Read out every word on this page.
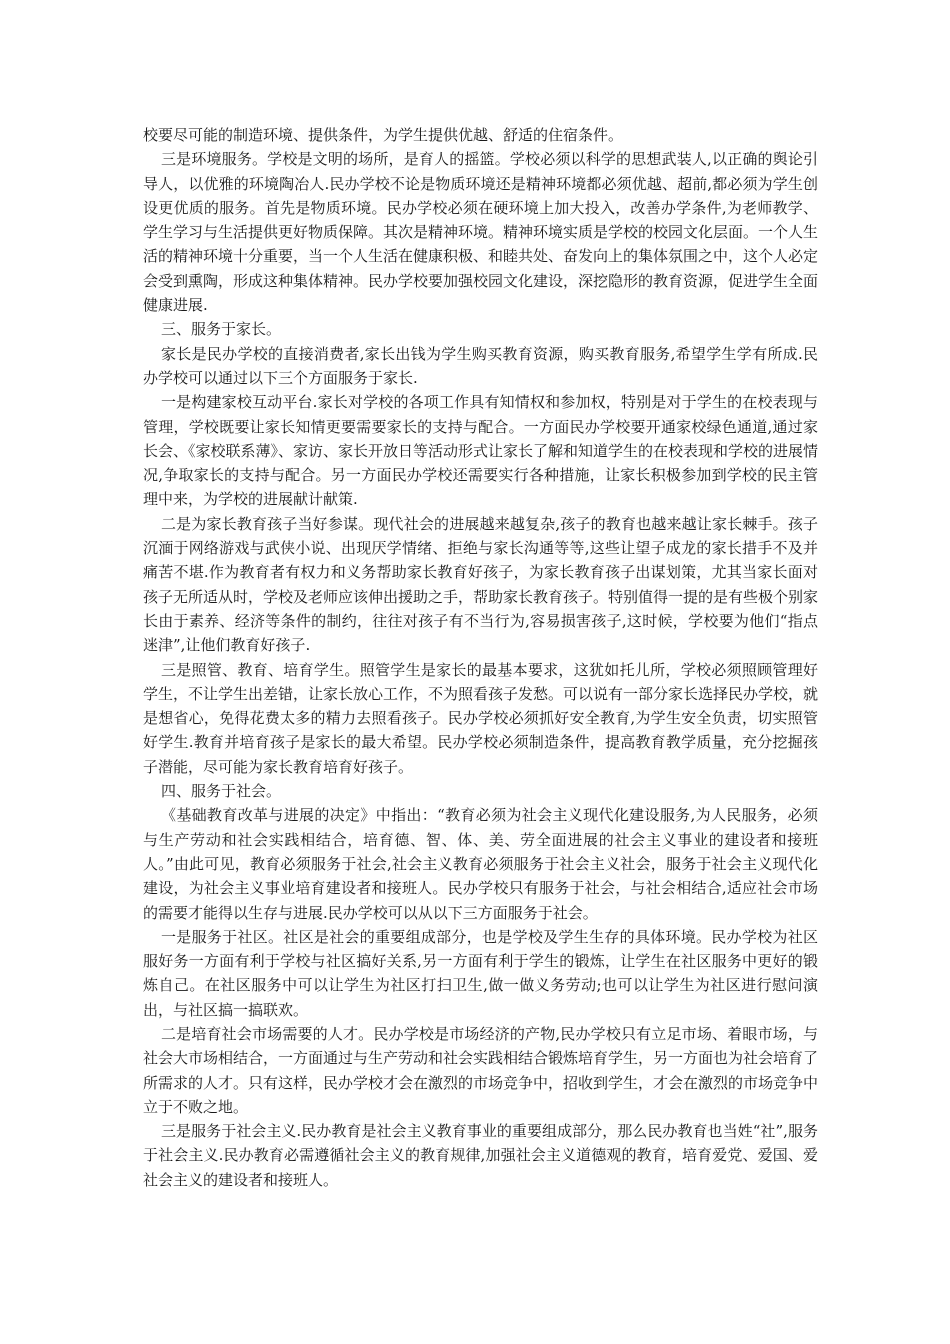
校要尽可能的制造环境、提供条件，为学生提供优越、舒适的住宿条件。

三是环境服务。学校是文明的场所，是育人的摇篮。学校必须以科学的思想武装人,以正确的舆论引导人，以优雅的环境陶冶人.民办学校不论是物质环境还是精神环境都必须优越、超前,都必须为学生创设更优质的服务。首先是物质环境。民办学校必须在硬环境上加大投入，改善办学条件,为老师教学、学生学习与生活提供更好物质保障。其次是精神环境。精神环境实质是学校的校园文化层面。一个人生活的精神环境十分重要，当一个人生活在健康积极、和睦共处、奋发向上的集体氛围之中，这个人必定会受到熏陶，形成这种集体精神。民办学校要加强校园文化建设，深挖隐形的教育资源，促进学生全面健康进展.

三、服务于家长。

家长是民办学校的直接消费者,家长出钱为学生购买教育资源，购买教育服务,希望学生学有所成.民办学校可以通过以下三个方面服务于家长.

一是构建家校互动平台.家长对学校的各项工作具有知情权和参加权，特别是对于学生的在校表现与管理，学校既要让家长知情更要需要家长的支持与配合。一方面民办学校要开通家校绿色通道,通过家长会、《家校联系薄》、家访、家长开放日等活动形式让家长了解和知道学生的在校表现和学校的进展情况,争取家长的支持与配合。另一方面民办学校还需要实行各种措施，让家长积极参加到学校的民主管理中来，为学校的进展献计献策.

二是为家长教育孩子当好参谋。现代社会的进展越来越复杂,孩子的教育也越来越让家长棘手。孩子沉湎于网络游戏与武侠小说、出现厌学情绪、拒绝与家长沟通等等,这些让望子成龙的家长措手不及并痛苦不堪.作为教育者有权力和义务帮助家长教育好孩子，为家长教育孩子出谋划策，尤其当家长面对孩子无所适从时，学校及老师应该伸出援助之手，帮助家长教育孩子。特别值得一提的是有些极个别家长由于素养、经济等条件的制约，往往对孩子有不当行为,容易损害孩子,这时候，学校要为他们“指点迷津”,让他们教育好孩子.

三是照管、教育、培育学生。照管学生是家长的最基本要求，这犹如托儿所，学校必须照顾管理好学生，不让学生出差错，让家长放心工作，不为照看孩子发愁。可以说有一部分家长选择民办学校，就是想省心，免得花费太多的精力去照看孩子。民办学校必须抓好安全教育,为学生安全负责，切实照管好学生.教育并培育孩子是家长的最大希望。民办学校必须制造条件，提高教育教学质量，充分挖掘孩子潜能，尽可能为家长教育培育好孩子。

四、服务于社会。

《基础教育改革与进展的决定》中指出：“教育必须为社会主义现代化建设服务,为人民服务，必须与生产劳动和社会实践相结合，培育德、智、体、美、劳全面进展的社会主义事业的建设者和接班人。”由此可见，教育必须服务于社会,社会主义教育必须服务于社会主义社会，服务于社会主义现代化建设，为社会主义事业培育建设者和接班人。民办学校只有服务于社会，与社会相结合,适应社会市场的需要才能得以生存与进展.民办学校可以从以下三方面服务于社会。

一是服务于社区。社区是社会的重要组成部分，也是学校及学生生存的具体环境。民办学校为社区服好务一方面有利于学校与社区搞好关系,另一方面有利于学生的锻炼，让学生在社区服务中更好的锻炼自己。在社区服务中可以让学生为社区打扫卫生,做一做义务劳动;也可以让学生为社区进行慰问演出，与社区搞一搞联欢。

二是培育社会市场需要的人才。民办学校是市场经济的产物,民办学校只有立足市场、着眼市场，与社会大市场相结合，一方面通过与生产劳动和社会实践相结合锻炼培育学生，另一方面也为社会培育了所需求的人才。只有这样，民办学校才会在激烈的市场竞争中，招收到学生，才会在激烈的市场竞争中立于不败之地。

三是服务于社会主义.民办教育是社会主义教育事业的重要组成部分，那么民办教育也当姓“社”,服务于社会主义.民办教育必需遵循社会主义的教育规律,加强社会主义道德观的教育，培育爱党、爱国、爱社会主义的建设者和接班人。
